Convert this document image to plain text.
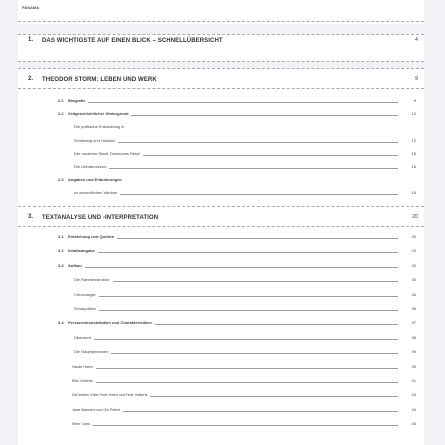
PANAMA
1. DAS WICHTIGSTE AUF EINEN BLICK – SCHNELLÜBERSICHT	4
2. THEODOR STORM: LEBEN UND WERK	9
2.1 Biografie	9
2.2 Zeitgeschichtlicher Hintergrund	12
Die politische Entwicklung in
Schleswig und Holstein	12
Der moderne Staat, Deutsches Reich	15
Die Literaturszene	16
2.3 Angaben und Erläuterungen
zu wesentlichen Werken	18
3. TEXTANALYSE UND -INTERPRETATION	20
3.1 Entstehung und Quellen	20
3.2 Inhaltsangabe	23
3.3 Aufbau	30
Die Rahmenstruktur	30
Chronologie	34
Schauplätze	35
3.4 Personenkonstellation und Charakteristiken	37
Übersicht	38
Die Hauptpersonen	39
Hauke Haien	39
Elke Volkerts	41
Die beiden Väter Tede Haien und Tede Volkerts	43
Jewe Manners und Ole Peters	44
Wien“ Jans	45
